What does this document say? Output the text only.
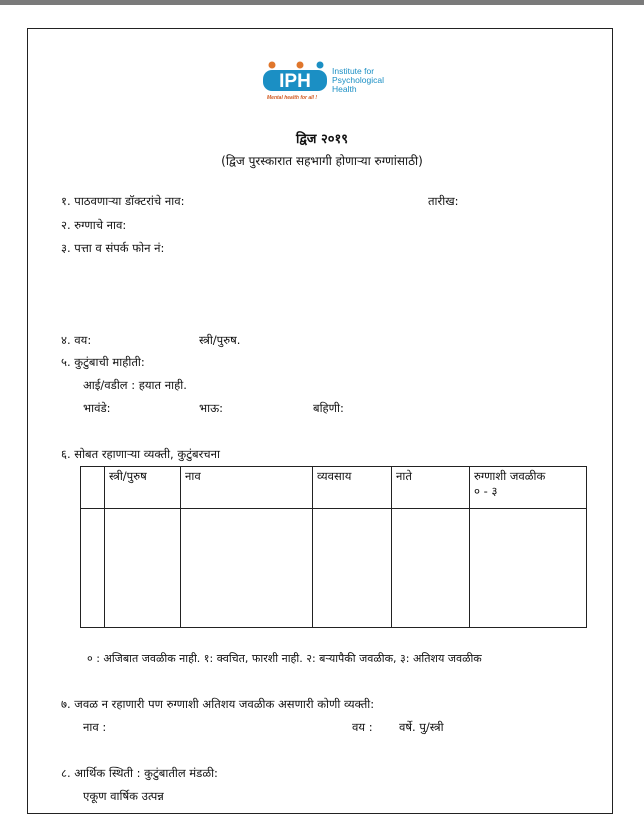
IPH Institute for
Psychological
Health
Mental health for all !
द्विज २०१९
(द्विज पुरस्कारात सहभागी होणाऱ्या रुग्णांसाठी)
१. पाठवणाऱ्या डॉक्टरांचे नाव:	तारीख:
२. रुग्णाचे नाव:
३. पत्ता व संपर्क फोन नं:
४. वय:	स्त्री/पुरुष.
५. कुटुंबाची माहीती:
आई/वडील : हयात नाही.
भावंडे:	भाऊ:	बहिणी:
६. सोबत रहाणाऱ्या व्यक्ती, कुटुंबरचना
	स्त्री/पुरुष	नाव	व्यवसाय	नाते	रुग्णाशी जवळीक
० - ३

० : अजिबात जवळीक नाही. १: क्वचित, फारशी नाही. २: बऱ्यापैकी जवळीक, ३: अतिशय जवळीक
७. जवळ न रहाणारी पण रुग्णाशी अतिशय जवळीक असणारी कोणी व्यक्ती:
नाव :	वय : वर्षे. पु/स्त्री
८. आर्थिक स्थिती : कुटुंबातील मंडळी:
एकूण वार्षिक उत्पन्न
